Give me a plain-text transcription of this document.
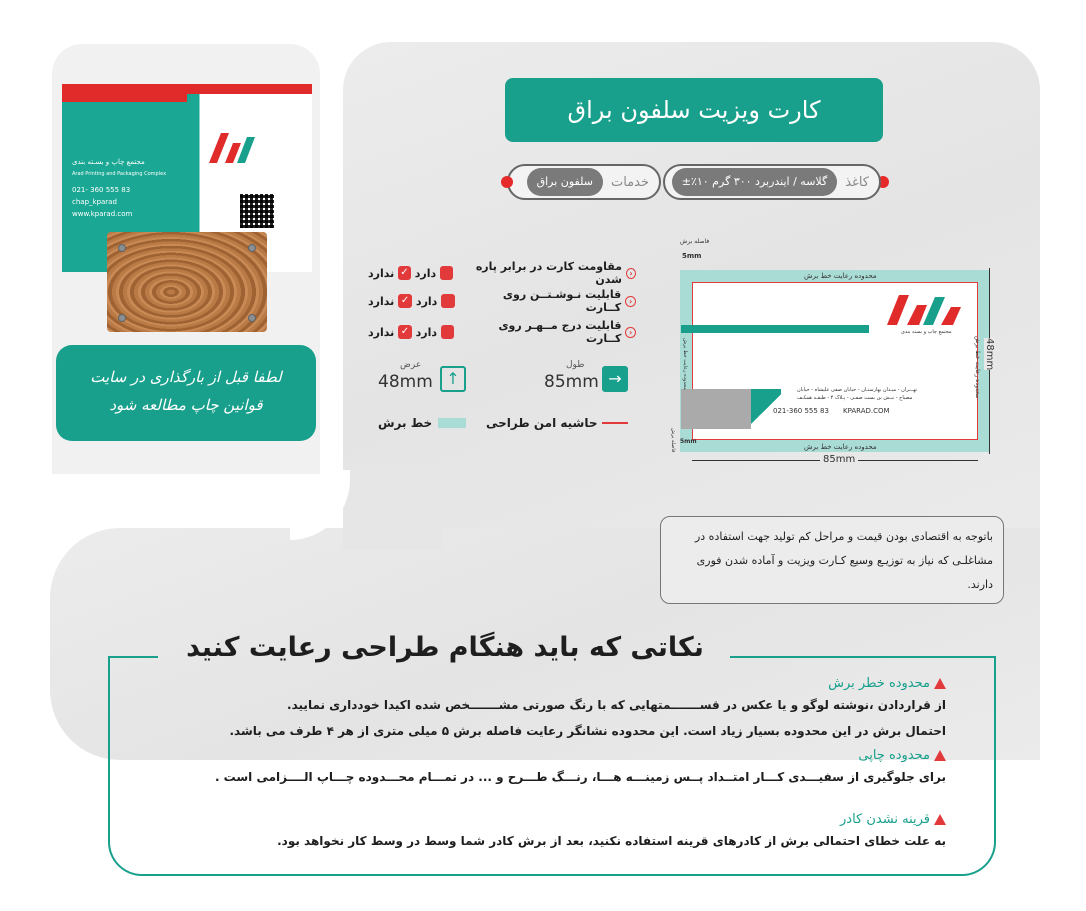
مجتمع چاپ و بسـته بندی
Arad Printing and Packaging Complex
021- 360 555 83
chap_kparad
www.kparad.com
لطفا قبل از بارگذاری در سایت
قوانین چاپ مطالعه شود
کارت ویزیت سلفون براق
کاغذ
گلاسه / ایندربرد ۳۰۰ گرم ۱۰٪±
خدمات
سلفون براق
‹
مقاومت کارت در برابر پاره شدن
دارد
✓
ندارد
‹
قابلیت نـوشـتــن روی کــارت
دارد
✓
ندارد
‹
قابلیت درج مــهـر روی کــارت
دارد
✓
ندارد
→
طول
85mm
↑
عرض
48mm
حاشیه امن طراحی
خط برش
فاصله برش
5mm
محدوده رعایت خط برش
مجتمع چاپ و بسته بندی
تهـــران - میـدان بهارستـان - خیابان صفی علیشاه - خیابان
مصباح - نبـش بن بست صفـی - پـلاک ۴ - طبقـه همکـف
021-360 555 83 KPARAD.COM
محدوده رعایت خط برش
محدوده رعایت خط برش
محدوده رعایت خط برش
فاصله برش 5mm
85mm
48mm
باتوجه به اقتصادی بودن قیمت و مراحل کم تولید جهت استفاده در مشاغلـی که نیاز به توزیـع وسیع کـارت ویزیت و آماده شدن فوری دارند.
نکاتی که باید هنگام طراحی رعایت کنید
محدوده خطر برش
از قراردادن ،نوشته لوگو و یا عکس در قســـــــمتهایی که با رنگ صورتی مشـــــــخص شده اکیدا خودداری نمایید.
احتمال برش در این محدوده بسیار زیاد است. این محدوده نشانگر رعایت فاصله برش ۵ میلی متری از هر ۴ طرف می باشد.
محدوده چاپی
برای جلوگیری از سفیـــدی کـــار امتــداد پــس زمینـــه هـــا، رنـــگ طـــرح و ... در تمـــام محـــدوده چـــاپ الــــزامی است .
قرینه نشدن کادر
به علت خطای احتمالی برش از کادرهای قرینه استفاده نکنید، بعد از برش کادر شما وسط در وسط کار نخواهد بود.
